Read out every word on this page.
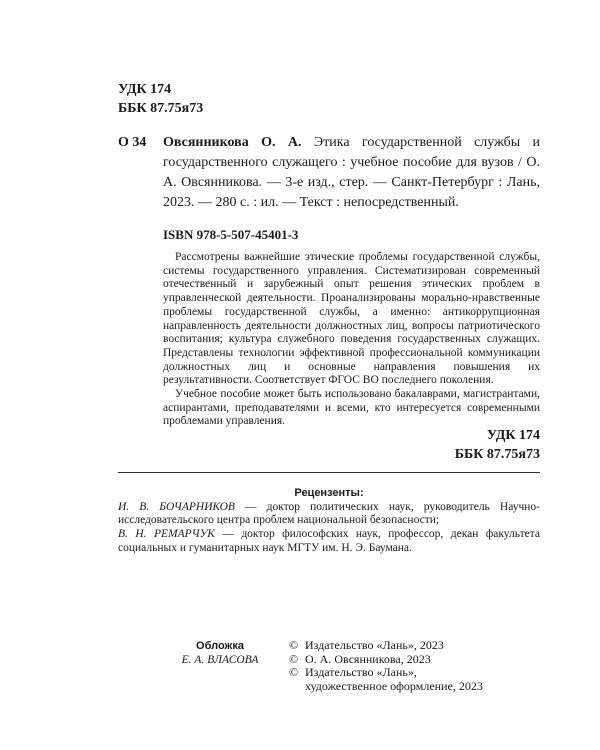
УДК 174
ББК 87.75я73
О 34 Овсянникова О. А. Этика государственной службы и государственного служащего : учебное пособие для вузов / О. А. Овсянникова. — 3-е изд., стер. — Санкт-Петербург : Лань, 2023. — 280 с. : ил. — Текст : непосредственный.
ISBN 978-5-507-45401-3

Рассмотрены важнейшие этические проблемы государственной службы, системы государственного управления. Систематизирован современный отечественный и зарубежный опыт решения этических проблем в управленческой деятельности. Проанализированы морально-нравственные проблемы государственной службы, а именно: антикоррупционная направленность деятельности должностных лиц, вопросы патриотического воспитания; культура служебного поведения государственных служащих. Представлены технологии эффективной профессиональной коммуникации должностных лиц и основные направления повышения их результативности. Соответствует ФГОС ВО последнего поколения.

Учебное пособие может быть использовано бакалаврами, магистрантами, аспирантами, преподавателями и всеми, кто интересуется современными проблемами управления.

УДК 174
ББК 87.75я73
Рецензенты:
И. В. БОЧАРНИКОВ — доктор политических наук, руководитель Научно-исследовательского центра проблем национальной безопасности;
В. Н. РЕМАРЧУК — доктор философских наук, профессор, декан факультета социальных и гуманитарных наук МГТУ им. Н. Э. Баумана.
Обложка
Е. А. ВЛАСОВА
© Издательство «Лань», 2023
© О. А. Овсянникова, 2023
© Издательство «Лань»,
художественное оформление, 2023
